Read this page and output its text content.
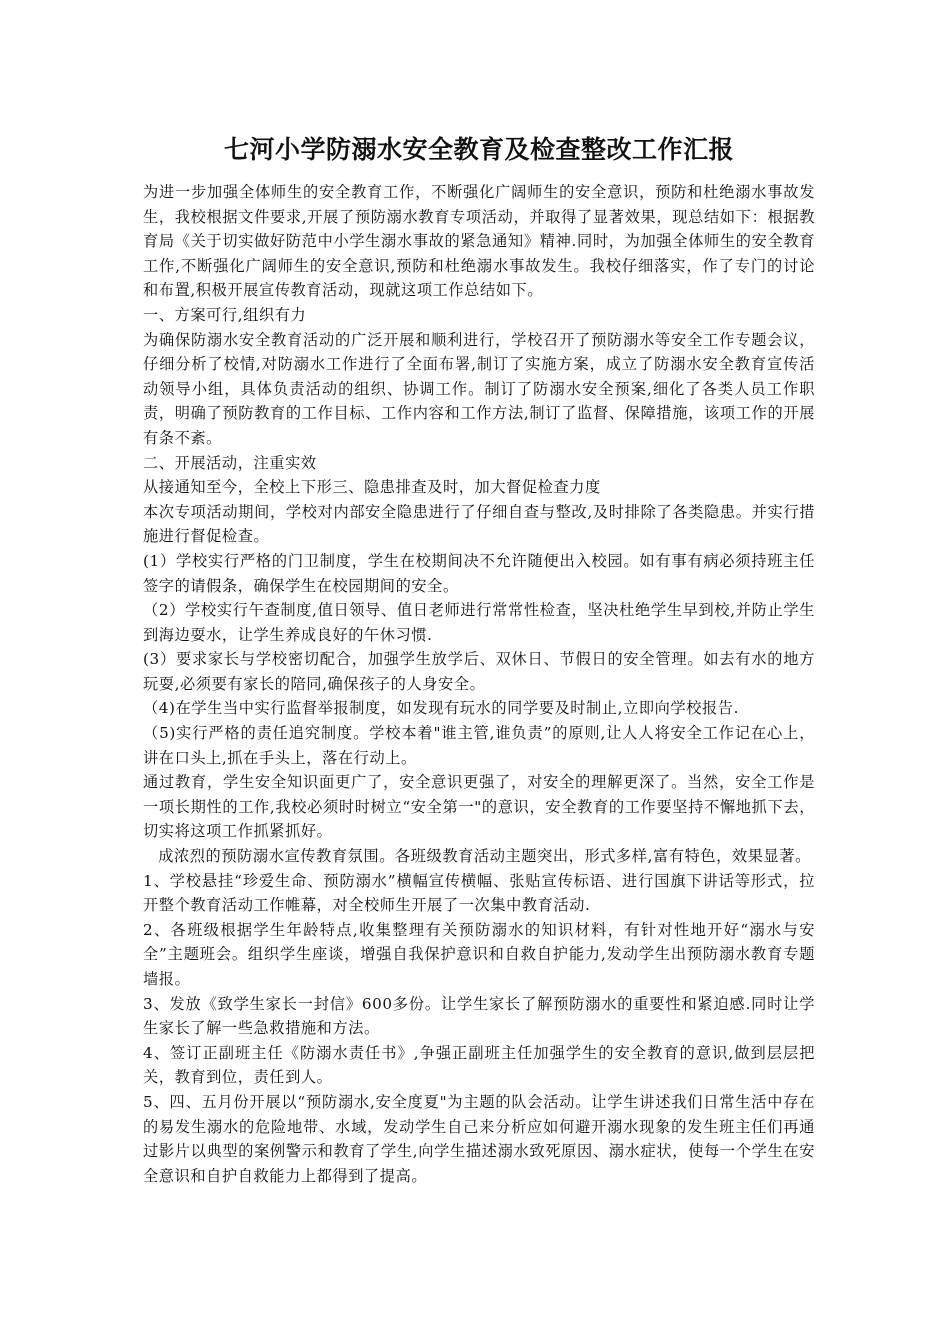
七河小学防溺水安全教育及检查整改工作汇报

为进一步加强全体师生的安全教育工作，不断强化广阔师生的安全意识，预防和杜绝溺水事故发生，我校根据文件要求,开展了预防溺水教育专项活动，并取得了显著效果，现总结如下：根据教育局《关于切实做好防范中小学生溺水事故的紧急通知》精神.同时，为加强全体师生的安全教育工作,不断强化广阔师生的安全意识,预防和杜绝溺水事故发生。我校仔细落实，作了专门的讨论和布置,积极开展宣传教育活动，现就这项工作总结如下。

一、方案可行,组织有力

为确保防溺水安全教育活动的广泛开展和顺利进行，学校召开了预防溺水等安全工作专题会议，仔细分析了校情,对防溺水工作进行了全面布署,制订了实施方案，成立了防溺水安全教育宣传活动领导小组，具体负责活动的组织、协调工作。制订了防溺水安全预案,细化了各类人员工作职责，明确了预防教育的工作目标、工作内容和工作方法,制订了监督、保障措施，该项工作的开展有条不紊。

二、开展活动，注重实效

从接通知至今，全校上下形三、隐患排查及时，加大督促检查力度

本次专项活动期间，学校对内部安全隐患进行了仔细自查与整改,及时排除了各类隐患。并实行措施进行督促检查。

(1）学校实行严格的门卫制度，学生在校期间决不允许随便出入校园。如有事有病必须持班主任签字的请假条，确保学生在校园期间的安全。

（2）学校实行午查制度,值日领导、值日老师进行常常性检查，坚决杜绝学生早到校,并防止学生到海边耍水，让学生养成良好的午休习惯.

(3）要求家长与学校密切配合，加强学生放学后、双休日、节假日的安全管理。如去有水的地方玩耍,必须要有家长的陪同,确保孩子的人身安全。

（4)在学生当中实行监督举报制度，如发现有玩水的同学要及时制止,立即向学校报告.

（5)实行严格的责任追究制度。学校本着"谁主管,谁负责”的原则,让人人将安全工作记在心上，讲在口头上,抓在手头上，落在行动上。

通过教育，学生安全知识面更广了，安全意识更强了，对安全的理解更深了。当然，安全工作是一项长期性的工作,我校必须时时树立“安全第一"的意识，安全教育的工作要坚持不懈地抓下去，切实将这项工作抓紧抓好。

成浓烈的预防溺水宣传教育氛围。各班级教育活动主题突出，形式多样,富有特色，效果显著。

1、学校悬挂“珍爱生命、预防溺水”横幅宣传横幅、张贴宣传标语、进行国旗下讲话等形式，拉开整个教育活动工作帷幕，对全校师生开展了一次集中教育活动.

2、各班级根据学生年龄特点,收集整理有关预防溺水的知识材料，有针对性地开好“溺水与安全”主题班会。组织学生座谈，增强自我保护意识和自救自护能力,发动学生出预防溺水教育专题墙报。

3、发放《致学生家长一封信》600多份。让学生家长了解预防溺水的重要性和紧迫感.同时让学生家长了解一些急救措施和方法。

4、签订正副班主任《防溺水责任书》,争强正副班主任加强学生的安全教育的意识,做到层层把关，教育到位，责任到人。

5、四、五月份开展以“预防溺水,安全度夏"为主题的队会活动。让学生讲述我们日常生活中存在的易发生溺水的危险地带、水域，发动学生自己来分析应如何避开溺水现象的发生班主任们再通过影片以典型的案例警示和教育了学生,向学生描述溺水致死原因、溺水症状，使每一个学生在安全意识和自护自救能力上都得到了提高。
